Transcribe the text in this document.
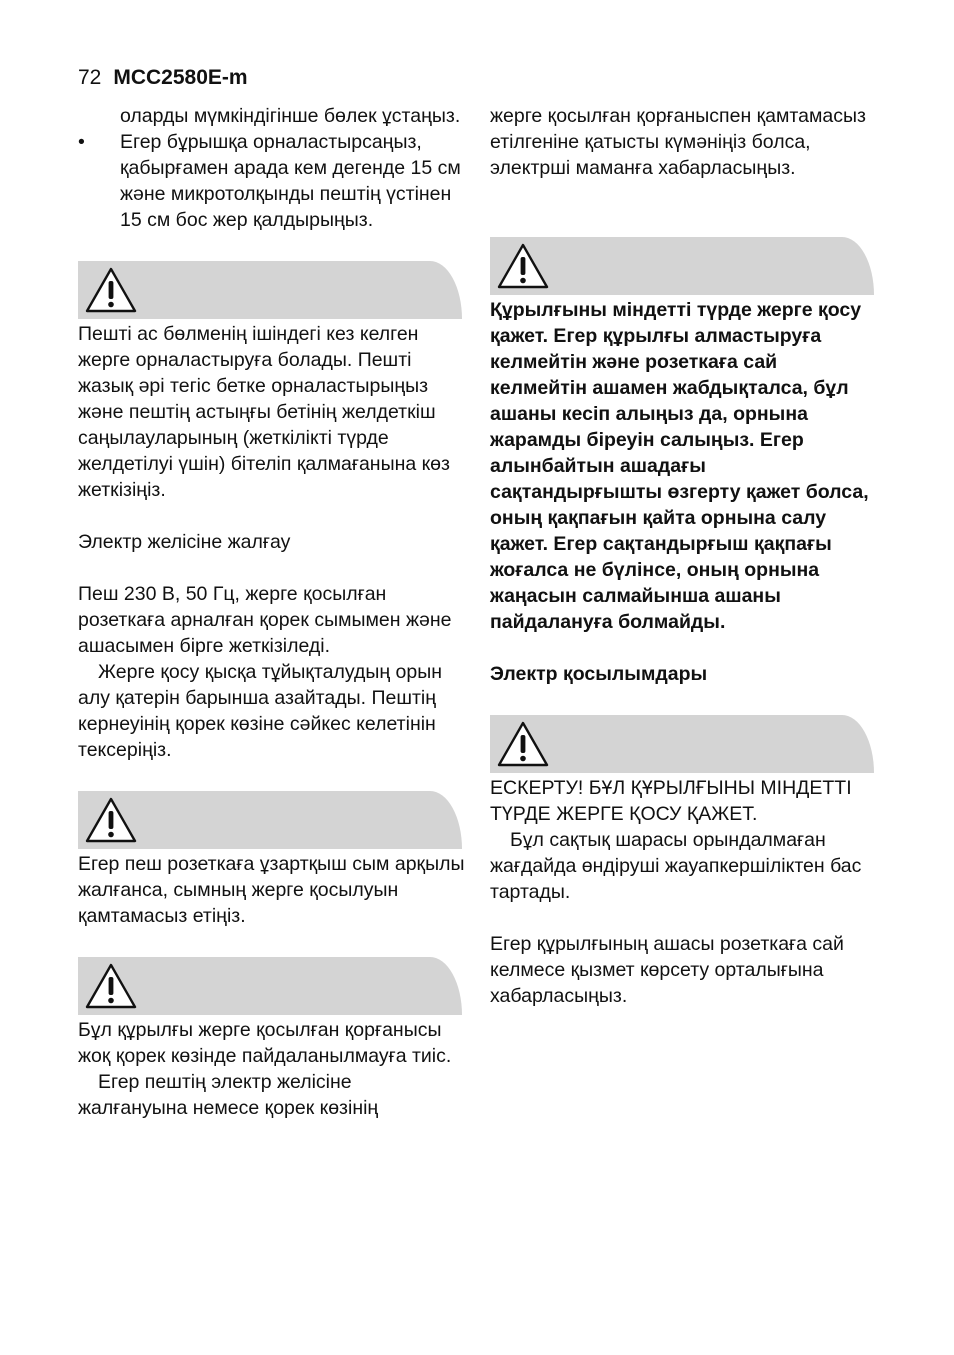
72 MCC2580E-m

оларды мүмкіндігінше бөлек ұстаңыз.

•	Егер бұрышқа орналастырсаңыз, қабырғамен арада кем дегенде 15 см және микротолқынды пештің үстінен 15 см бос жер қалдырыңыз.

Пешті ас бөлменің ішіндегі кез келген жерге орналастыруға болады. Пешті жазық әрі тегіс бетке орналастырыңыз және пештің астыңғы бетінің желдеткіш саңылауларының (жеткілікті түрде желдетілуі үшін) бітеліп қалмағанына көз жеткізіңіз.

Электр желісіне жалғау

Пеш 230 В, 50 Гц, жерге қосылған розеткаға арналған қорек сымымен және ашасымен бірге жеткізіледі.

Жерге қосу қысқа тұйықталудың орын алу қатерін барынша азайтады. Пештің кернеуінің қорек көзіне сәйкес келетінін тексеріңіз.

Егер пеш розеткаға ұзартқыш сым арқылы жалғанса, сымның жерге қосылуын қамтамасыз етіңіз.

Бұл құрылғы жерге қосылған қорғанысы жоқ қорек көзінде пайдаланылмауға тиіс.

Егер пештің электр желісіне жалғануына немесе қорек көзінің

жерге қосылған қорғаныспен қамтамасыз етілгеніне қатысты күмәніңіз болса, электрші маманға хабарласыңыз.

Құрылғыны міндетті түрде жерге қосу қажет. Егер құрылғы алмастыруға келмейтін және розеткаға сай келмейтін ашамен жабдықталса, бұл ашаны кесіп алыңыз да, орнына жарамды біреуін салыңыз. Егер алынбайтын ашадағы сақтандырғышты өзгерту қажет болса, оның қақпағын қайта орнына салу қажет. Егер сақтандырғыш қақпағы жоғалса не бүлінсе, оның орнына жаңасын салмайынша ашаны пайдалануға болмайды.

Электр қосылымдары

ЕСКЕРТУ! БҰЛ ҚҰРЫЛҒЫНЫ МІНДЕТТІ ТҮРДЕ ЖЕРГЕ ҚОСУ ҚАЖЕТ.

Бұл сақтық шарасы орындалмаған жағдайда өндіруші жауапкершіліктен бас тартады.

Егер құрылғының ашасы розеткаға сай келмесе қызмет көрсету орталығына хабарласыңыз.
